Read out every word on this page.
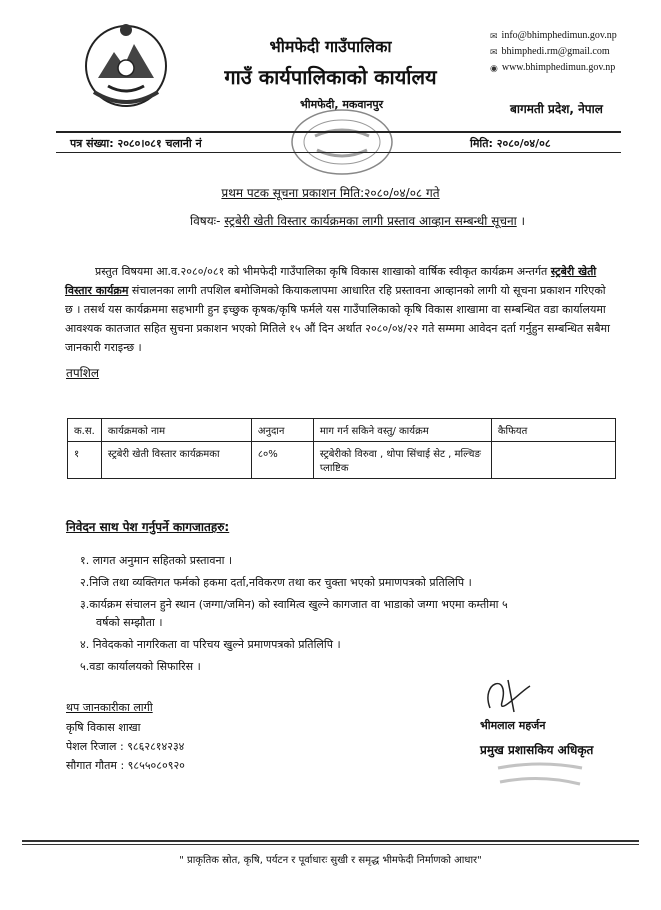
भीमफेदी गाउँपालिका
गाउँ कार्यपालिकाको कार्यालय
भीमफेदी, मकवानपुर
✉ info@bhimphedimun.gov.np
✉ bhimphedi.rm@gmail.com
◉ www.bhimphedimun.gov.np
बागमती प्रदेश, नेपाल
पत्र संख्या: २०८०।०८१ चलानी नं	मिति: २०८०/०४/०८
प्रथम पटक सूचना प्रकाशन मिति:२०८०/०४/०८ गते
विषयः- स्ट्रबेरी खेती विस्तार कार्यक्रमका लागी प्रस्ताव आव्हान सम्बन्धी सूचना ।
प्रस्तुत विषयमा आ.व.२०८०/०८१ को भीमफेदी गाउँपालिका कृषि विकास शाखाको वार्षिक स्वीकृत कार्यक्रम अन्तर्गत स्ट्रबेरी खेती विस्तार कार्यक्रम संचालनका लागी तपशिल बमोजिमको कियाकलापमा आधारित रहि प्रस्तावना आव्हानको लागी यो सूचना प्रकाशन गरिएको छ । तसर्थ यस कार्यक्रममा सहभागी हुन इच्छुक कृषक/कृषि फर्मले यस गाउँपालिकाको कृषि विकास शाखामा वा सम्बन्धित वडा कार्यालयमा आवश्यक कातजात सहित सुचना प्रकाशन भएको मितिले १५ औं दिन अर्थात २०८०/०४/२२ गते सम्ममा आवेदन दर्ता गर्नुहुन सम्बन्धित सबैमा जानकारी गराइन्छ ।
तपशिल
क.स.	कार्यक्रमको नाम	अनुदान	माग गर्न सकिने वस्तु/ कार्यक्रम	कैफियत
१	स्ट्रबेरी खेती विस्तार कार्यक्रमका	८०%	स्ट्रबेरीको विरुवा , थोपा सिंचाई सेट , मल्चिङ प्लाष्टिक	
निवेदन साथ पेश गर्नुपर्ने कागजातहरु:
१. लागत अनुमान सहितको प्रस्तावना ।
२.निजि तथा व्यक्तिगत फर्मको हकमा दर्ता,नविकरण तथा कर चुक्ता भएको प्रमाणपत्रको प्रतिलिपि ।
३.कार्यक्रम संचालन हुने स्थान (जग्गा/जमिन) को स्वामित्व खुल्ने कागजात वा भाडाको जग्गा भएमा कम्तीमा ५
वर्षको सम्झौता ।
४. निवेदकको नागरिकता वा परिचय खुल्ने प्रमाणपत्रको प्रतिलिपि ।
५.वडा कार्यालयको सिफारिस ।
थप जानकारीका लागी
कृषि विकास शाखा
पेशल रिजाल : ९८६२८१४२३४
सौगात गौतम : ९८५५०८०९२०
भीमलाल महर्जन
प्रमुख प्रशासकिय अधिकृत
" प्राकृतिक स्रोत, कृषि, पर्यटन र पूर्वाधारः सुखी र समृद्ध भीमफेदी निर्माणको आधार"
